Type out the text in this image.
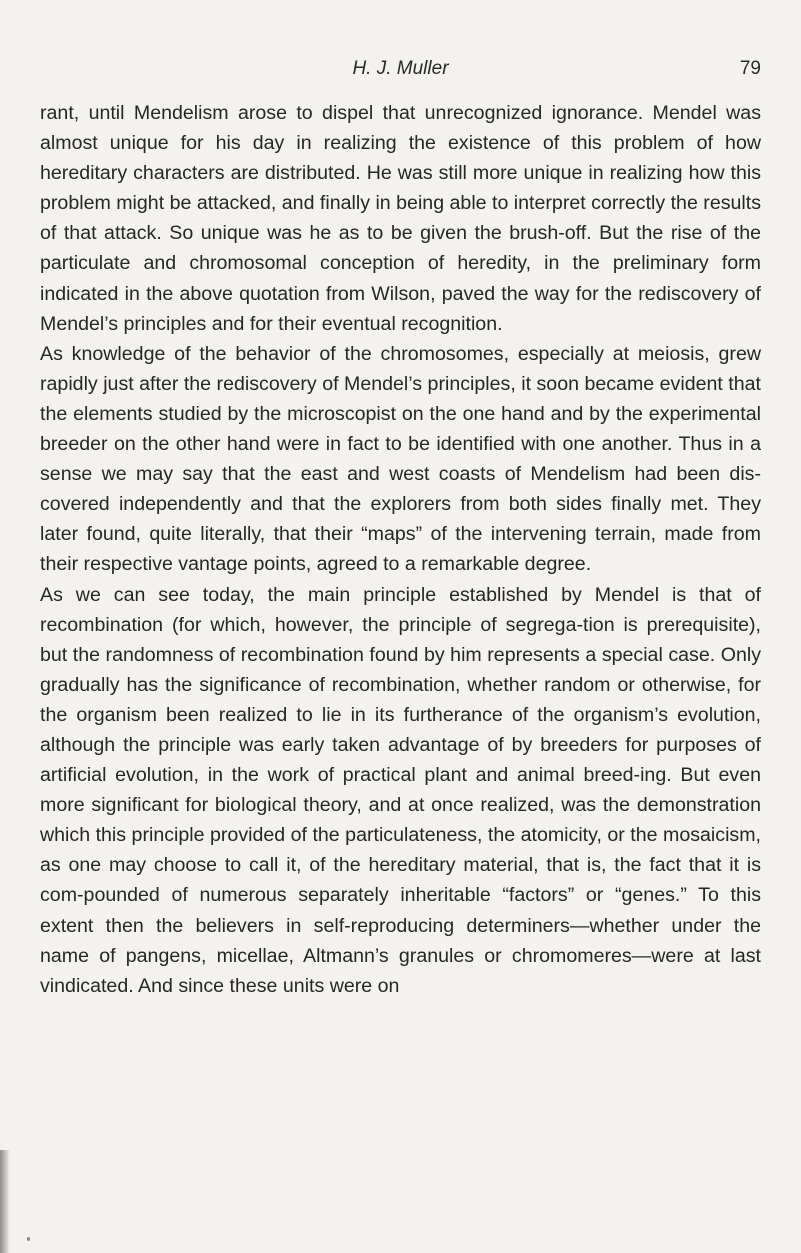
H. J. Muller	79

rant, until Mendelism arose to dispel that unrecognized ignorance. Mendel was almost unique for his day in realizing the existence of this problem of how hereditary characters are distributed. He was still more unique in realizing how this problem might be attacked, and finally in being able to interpret correctly the results of that attack. So unique was he as to be given the brush-off. But the rise of the particulate and chromosomal conception of heredity, in the preliminary form indicated in the above quotation from Wilson, paved the way for the rediscovery of Mendel’s principles and for their eventual recognition.

As knowledge of the behavior of the chromosomes, especially at meiosis, grew rapidly just after the rediscovery of Mendel’s principles, it soon became evident that the elements studied by the microscopist on the one hand and by the experimental breeder on the other hand were in fact to be identified with one another. Thus in a sense we may say that the east and west coasts of Mendelism had been dis-covered independently and that the explorers from both sides finally met. They later found, quite literally, that their “maps” of the intervening terrain, made from their respective vantage points, agreed to a remarkable degree.

As we can see today, the main principle established by Mendel is that of recombination (for which, however, the principle of segrega-tion is prerequisite), but the randomness of recombination found by him represents a special case. Only gradually has the significance of recombination, whether random or otherwise, for the organism been realized to lie in its furtherance of the organism’s evolution, although the principle was early taken advantage of by breeders for purposes of artificial evolution, in the work of practical plant and animal breed-ing. But even more significant for biological theory, and at once realized, was the demonstration which this principle provided of the particulateness, the atomicity, or the mosaicism, as one may choose to call it, of the hereditary material, that is, the fact that it is com-pounded of numerous separately inheritable “factors” or “genes.” To this extent then the believers in self-reproducing determiners—whether under the name of pangens, micellae, Altmann’s granules or chromomeres—were at last vindicated. And since these units were on
